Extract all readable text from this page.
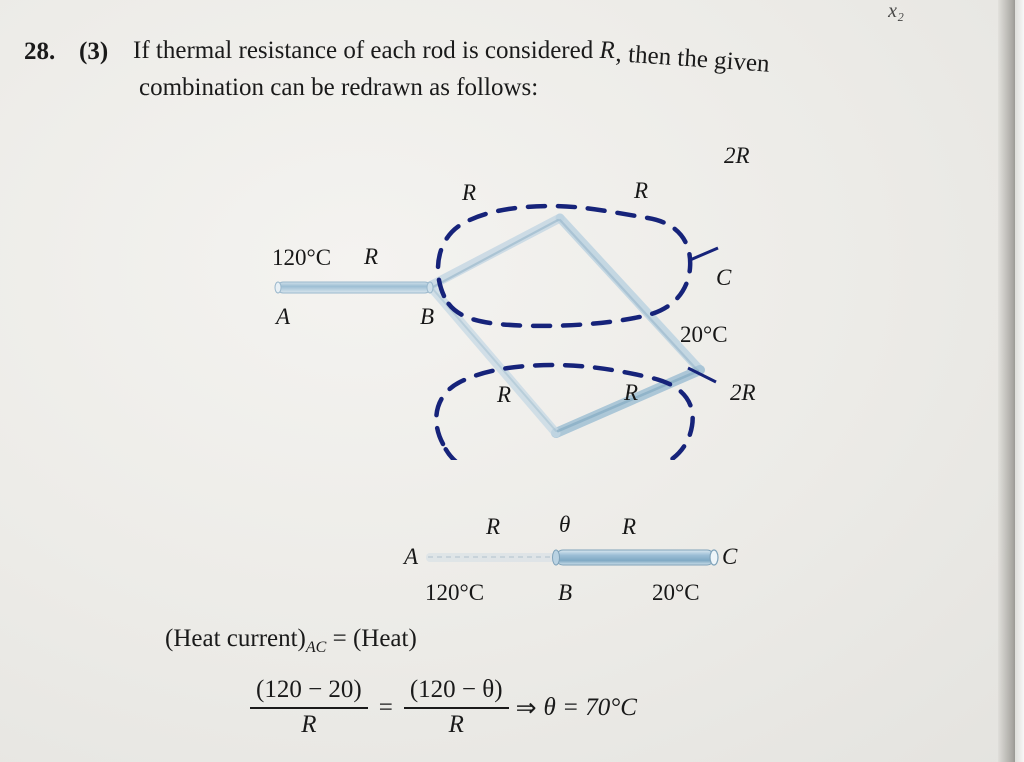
x₂
28. (3) If thermal resistance of each rod is considered R, then the given
combination can be redrawn as follows:
R	R
2R
R	R	2R
120°C R
A	B
C
20°C
R	θ R
A	C
120°C	B	20°C
(Heat $current)_{AC}$ = (Heat)
$\frac{(120 - 20)}{R} = \frac{(120 - \theta)}{R}$ ⇒ θ = 70°C
